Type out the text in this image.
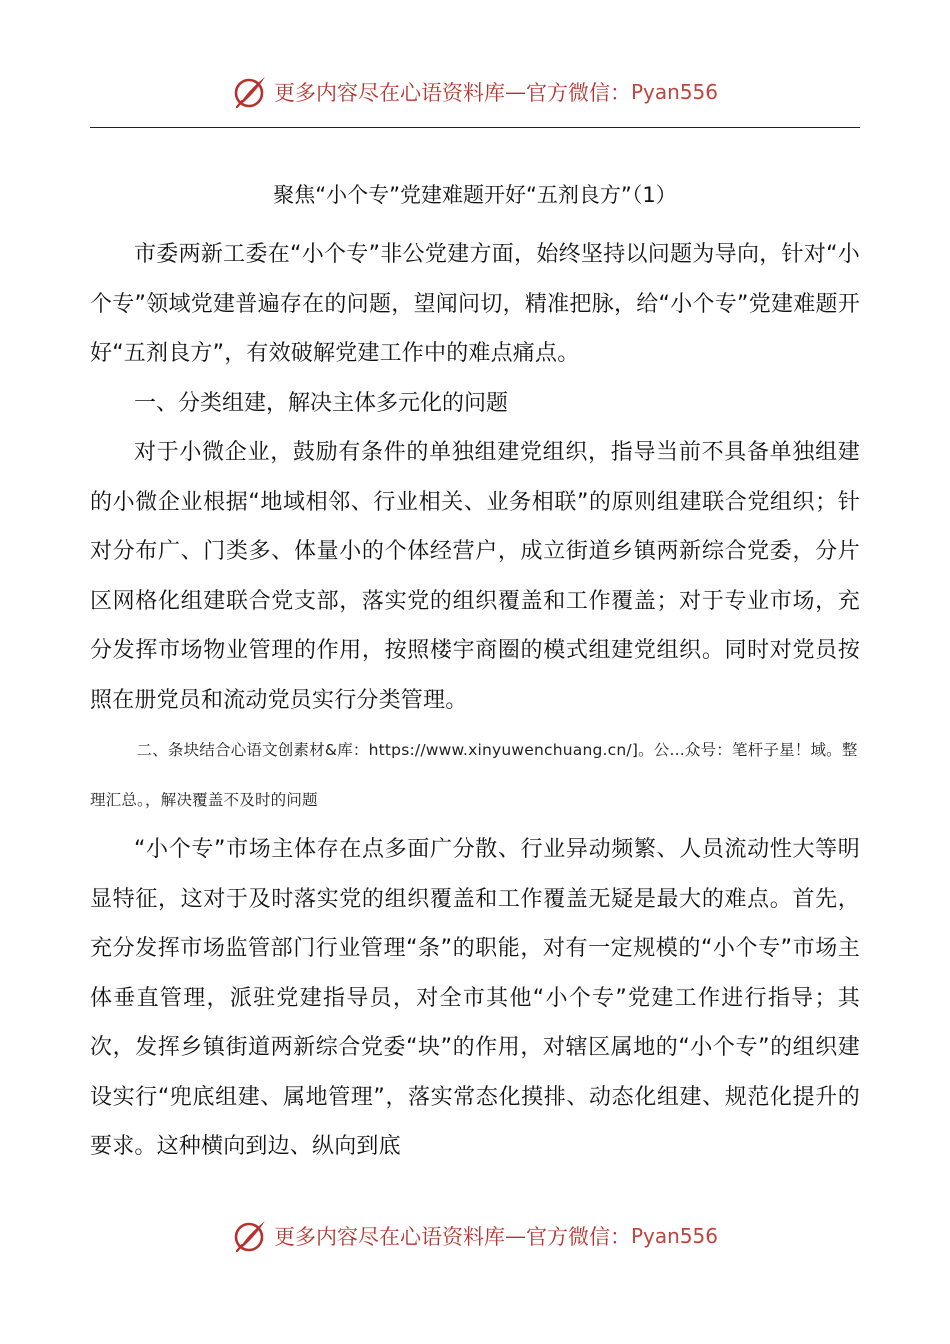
更多内容尽在心语资料库 — 官方微信： Pyan556
聚焦“小个专”党建难题开好“五剂良方”（1）

市委两新工委在“小个专”非公党建方面，始终坚持以问题为导向，针对“小个专”领域党建普遍存在的问题，望闻问切，精准把脉，给“小个专”党建难题开好“五剂良方”，有效破解党建工作中的难点痛点。

一、分类组建，解决主体多元化的问题

对于小微企业，鼓励有条件的单独组建党组织，指导当前不具备单独组建的小微企业根据“地域相邻、行业相关、业务相联”的原则组建联合党组织；针对分布广、门类多、体量小的个体经营户，成立街道乡镇两新综合党委，分片区网格化组建联合党支部，落实党的组织覆盖和工作覆盖；对于专业市场，充分发挥市场物业管理的作用，按照楼宇商圈的模式组建党组织。同时对党员按照在册党员和流动党员实行分类管理。

二、条块结合心语文创素材&库：https://www.xinyuwenchuang.cn/]。公...众号：笔杆子星！域。整理汇总。，解决覆盖不及时的问题

“小个专”市场主体存在点多面广分散、行业异动频繁、人员流动性大等明显特征，这对于及时落实党的组织覆盖和工作覆盖无疑是最大的难点。首先，充分发挥市场监管部门行业管理“条”的职能，对有一定规模的“小个专”市场主体垂直管理，派驻党建指导员，对全市其他“小个专”党建工作进行指导；其次，发挥乡镇街道两新综合党委“块”的作用，对辖区属地的“小个专”的组织建设实行“兜底组建、属地管理”，落实常态化摸排、动态化组建、规范化提升的要求。这种横向到边、纵向到底

更多内容尽在心语资料库 — 官方微信： Pyan556
